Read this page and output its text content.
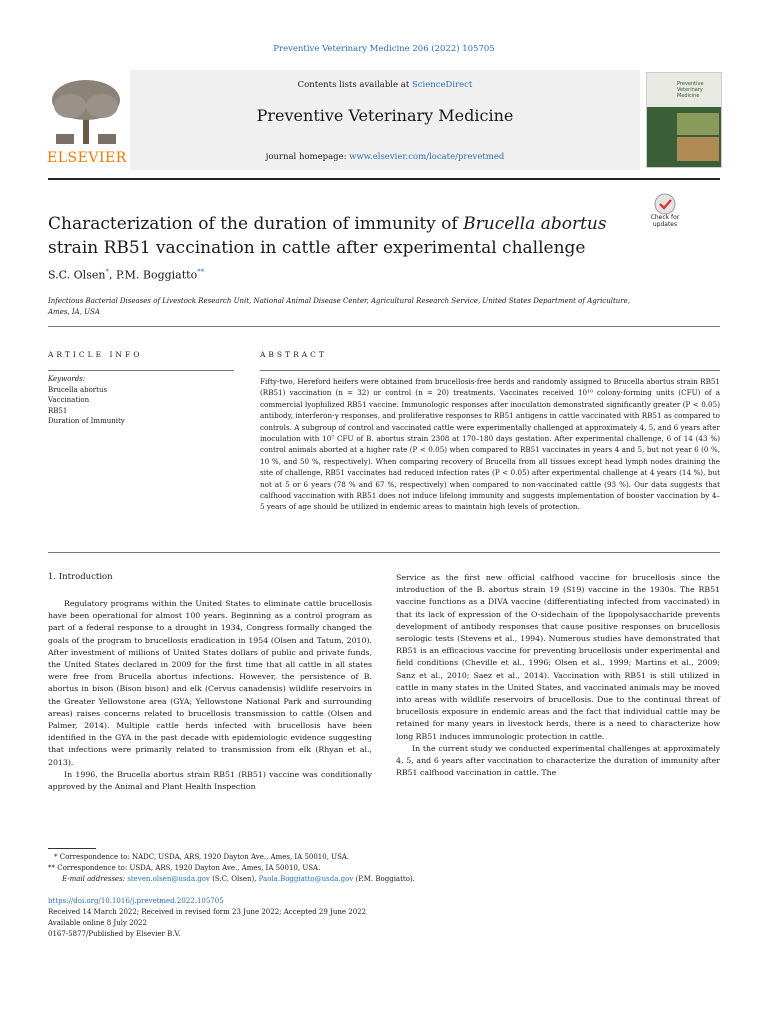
Preventive Veterinary Medicine 206 (2022) 105705
ELSEVIER
Contents lists available at ScienceDirect
Preventive Veterinary Medicine
journal homepage: www.elsevier.com/locate/prevetmed
Preventive Veterinary Medicine
Check for updates
Characterization of the duration of immunity of Brucella abortus strain RB51 vaccination in cattle after experimental challenge
S.C. Olsen*, P.M. Boggiatto**
Infectious Bacterial Diseases of Livestock Research Unit, National Animal Disease Center, Agricultural Research Service, United States Department of Agriculture, Ames, IA, USA
ARTICLE INFO
Keywords:
Brucella abortus
Vaccination
RB51
Duration of Immunity
ABSTRACT
Fifty-two, Hereford heifers were obtained from brucellosis-free herds and randomly assigned to Brucella abortus strain RB51 (RB51) vaccination (n = 32) or control (n = 20) treatments. Vaccinates received 10¹⁰ colony-forming units (CFU) of a commercial lyophilized RB51 vaccine. Immunologic responses after inoculation demonstrated significantly greater (P < 0.05) antibody, interferon-γ responses, and proliferative responses to RB51 antigens in cattle vaccinated with RB51 as compared to controls. A subgroup of control and vaccinated cattle were experimentally challenged at approximately 4, 5, and 6 years after inoculation with 10⁷ CFU of B. abortus strain 2308 at 170–180 days gestation. After experimental challenge, 6 of 14 (43 %) control animals aborted at a higher rate (P < 0.05) when compared to RB51 vaccinates in years 4 and 5, but not year 6 (0 %, 10 %, and 50 %, respectively). When comparing recovery of Brucella from all tissues except head lymph nodes draining the site of challenge, RB51 vaccinates had reduced infection rates (P < 0.05) after experimental challenge at 4 years (14 %), but not at 5 or 6 years (78 % and 67 %, respectively) when compared to non-vaccinated cattle (93 %). Our data suggests that calfhood vaccination with RB51 does not induce lifelong immunity and suggests implementation of booster vaccination by 4–5 years of age should be utilized in endemic areas to maintain high levels of protection.
1. Introduction

Regulatory programs within the United States to eliminate cattle brucellosis have been operational for almost 100 years. Beginning as a control program as part of a federal response to a drought in 1934, Congress formally changed the goals of the program to brucellosis eradication in 1954 (Olsen and Tatum, 2010). After investment of millions of United States dollars of public and private funds, the United States declared in 2009 for the first time that all cattle in all states were free from Brucella abortus infections. However, the persistence of B. abortus in bison (Bison bison) and elk (Cervus canadensis) wildlife reservoirs in the Greater Yellowstone area (GYA; Yellowstone National Park and surrounding areas) raises concerns related to brucellosis transmission to cattle (Olsen and Palmer, 2014). Multiple cattle herds infected with brucellosis have been identified in the GYA in the past decade with epidemiologic evidence suggesting that infections were primarily related to transmission from elk (Rhyan et al., 2013).

In 1996, the Brucella abortus strain RB51 (RB51) vaccine was conditionally approved by the Animal and Plant Health Inspection

Service as the first new official calfhood vaccine for brucellosis since the introduction of the B. abortus strain 19 (S19) vaccine in the 1930s. The RB51 vaccine functions as a DIVA vaccine (differentiating infected from vaccinated) in that its lack of expression of the O-sidechain of the lipopolysaccharide prevents development of antibody responses that cause positive responses on brucellosis serologic tests (Stevens et al., 1994). Numerous studies have demonstrated that RB51 is an efficacious vaccine for preventing brucellosis under experimental and field conditions (Cheville et al., 1996; Olsen et al., 1999; Martins et al., 2009; Sanz et al., 2010; Saez et al., 2014). Vaccination with RB51 is still utilized in cattle in many states in the United States, and vaccinated animals may be moved into areas with wildlife reservoirs of brucellosis. Due to the continual threat of brucellosis exposure in endemic areas and the fact that individual cattle may be retained for many years in livestock herds, there is a need to characterize how long RB51 induces immunologic protection in cattle.

In the current study we conducted experimental challenges at approximately 4, 5, and 6 years after vaccination to characterize the duration of immunity after RB51 calfhood vaccination in cattle. The

* Correspondence to: NADC, USDA, ARS, 1920 Dayton Ave., Ames, IA 50010, USA.
** Correspondence to: USDA, ARS, 1920 Dayton Ave., Ames, IA 50010, USA.
E-mail addresses: steven.olsen@usda.gov (S.C. Olsen), Paola.Boggiatto@usda.gov (P.M. Boggiatto).
https://doi.org/10.1016/j.prevetmed.2022.105705
Received 14 March 2022; Received in revised form 23 June 2022; Accepted 29 June 2022
Available online 8 July 2022
0167-5877/Published by Elsevier B.V.
